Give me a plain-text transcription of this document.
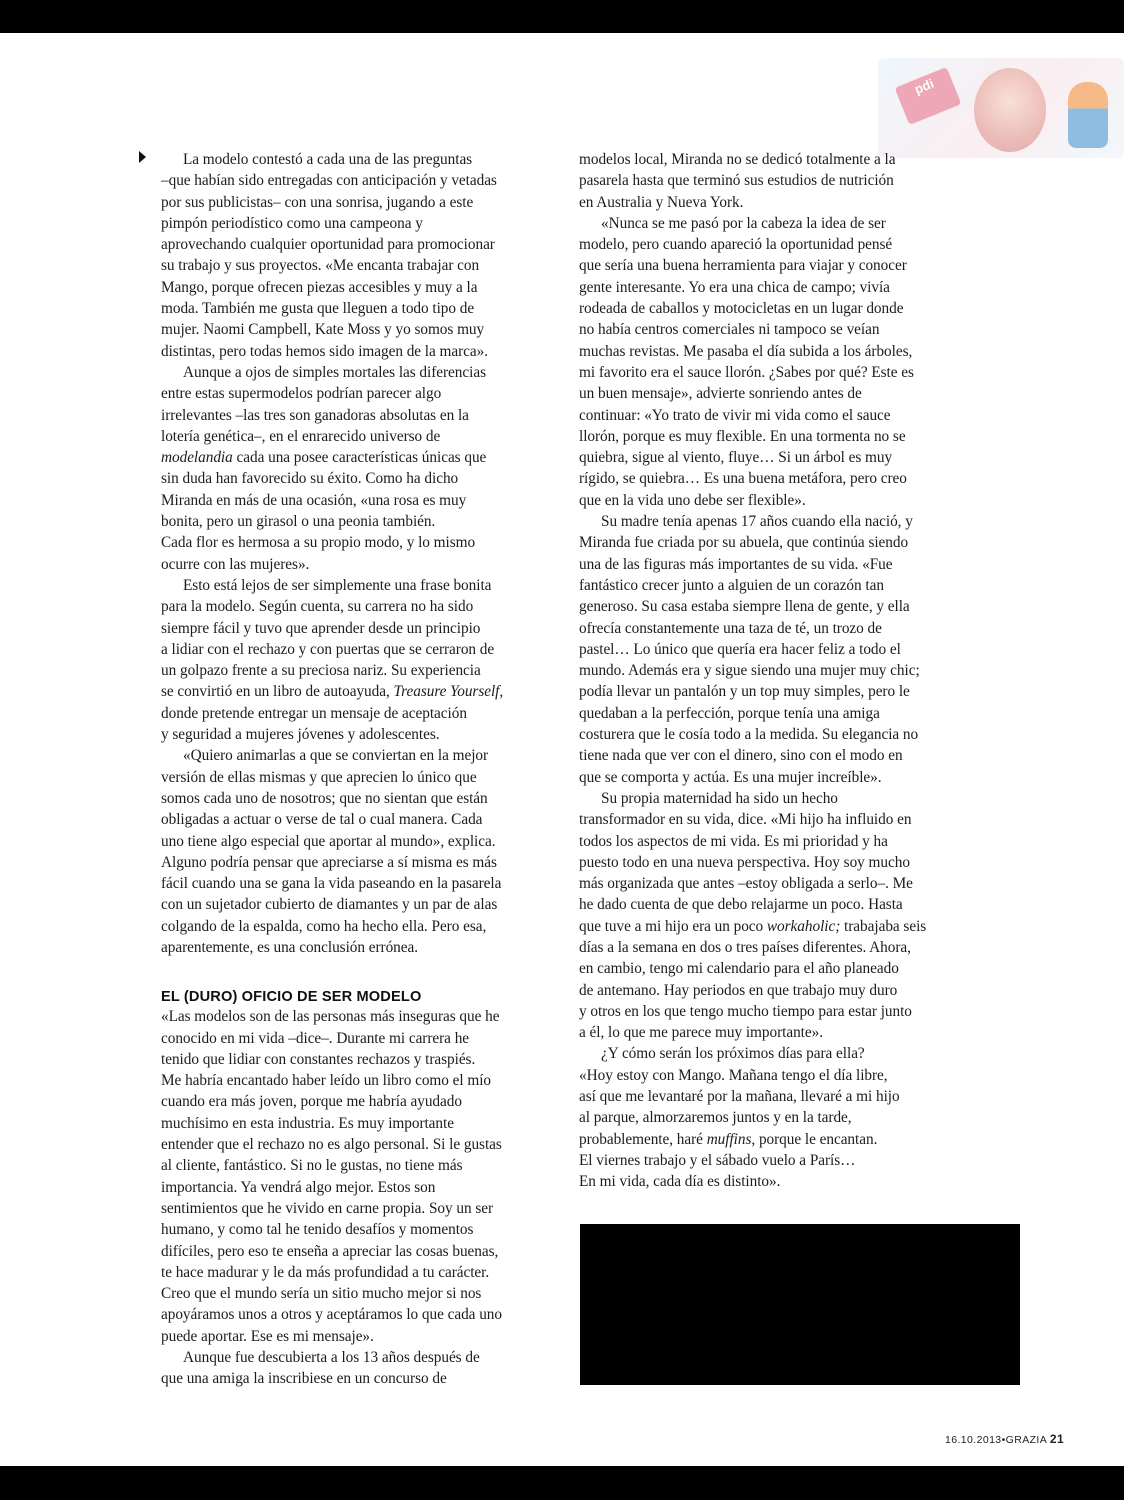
pdi

La modelo contestó a cada una de las preguntas
–que habían sido entregadas con anticipación y vetadas
por sus publicistas– con una sonrisa, jugando a este
pimpón periodístico como una campeona y
aprovechando cualquier oportunidad para promocionar
su trabajo y sus proyectos. «Me encanta trabajar con
Mango, porque ofrecen piezas accesibles y muy a la
moda. También me gusta que lleguen a todo tipo de
mujer. Naomi Campbell, Kate Moss y yo somos muy
distintas, pero todas hemos sido imagen de la marca».

Aunque a ojos de simples mortales las diferencias
entre estas supermodelos podrían parecer algo
irrelevantes –las tres son ganadoras absolutas en la
lotería genética–, en el enrarecido universo de
modelandia cada una posee características únicas que
sin duda han favorecido su éxito. Como ha dicho
Miranda en más de una ocasión, «una rosa es muy
bonita, pero un girasol o una peonia también.
Cada flor es hermosa a su propio modo, y lo mismo
ocurre con las mujeres».

Esto está lejos de ser simplemente una frase bonita
para la modelo. Según cuenta, su carrera no ha sido
siempre fácil y tuvo que aprender desde un principio
a lidiar con el rechazo y con puertas que se cerraron de
un golpazo frente a su preciosa nariz. Su experiencia
se convirtió en un libro de autoayuda, Treasure Yourself,
donde pretende entregar un mensaje de aceptación
y seguridad a mujeres jóvenes y adolescentes.

«Quiero animarlas a que se conviertan en la mejor
versión de ellas mismas y que aprecien lo único que
somos cada uno de nosotros; que no sientan que están
obligadas a actuar o verse de tal o cual manera. Cada
uno tiene algo especial que aportar al mundo», explica.
Alguno podría pensar que apreciarse a sí misma es más
fácil cuando una se gana la vida paseando en la pasarela
con un sujetador cubierto de diamantes y un par de alas
colgando de la espalda, como ha hecho ella. Pero esa,
aparentemente, es una conclusión errónea.

EL (DURO) OFICIO DE SER MODELO

«Las modelos son de las personas más inseguras que he
conocido en mi vida –dice–. Durante mi carrera he
tenido que lidiar con constantes rechazos y traspiés.
Me habría encantado haber leído un libro como el mío
cuando era más joven, porque me habría ayudado
muchísimo en esta industria. Es muy importante
entender que el rechazo no es algo personal. Si le gustas
al cliente, fantástico. Si no le gustas, no tiene más
importancia. Ya vendrá algo mejor. Estos son
sentimientos que he vivido en carne propia. Soy un ser
humano, y como tal he tenido desafíos y momentos
difíciles, pero eso te enseña a apreciar las cosas buenas,
te hace madurar y le da más profundidad a tu carácter.
Creo que el mundo sería un sitio mucho mejor si nos
apoyáramos unos a otros y aceptáramos lo que cada uno
puede aportar. Ese es mi mensaje».

Aunque fue descubierta a los 13 años después de
que una amiga la inscribiese en un concurso de

modelos local, Miranda no se dedicó totalmente a la
pasarela hasta que terminó sus estudios de nutrición
en Australia y Nueva York.

«Nunca se me pasó por la cabeza la idea de ser
modelo, pero cuando apareció la oportunidad pensé
que sería una buena herramienta para viajar y conocer
gente interesante. Yo era una chica de campo; vivía
rodeada de caballos y motocicletas en un lugar donde
no había centros comerciales ni tampoco se veían
muchas revistas. Me pasaba el día subida a los árboles,
mi favorito era el sauce llorón. ¿Sabes por qué? Este es
un buen mensaje», advierte sonriendo antes de
continuar: «Yo trato de vivir mi vida como el sauce
llorón, porque es muy flexible. En una tormenta no se
quiebra, sigue al viento, fluye… Si un árbol es muy
rígido, se quiebra… Es una buena metáfora, pero creo
que en la vida uno debe ser flexible».

Su madre tenía apenas 17 años cuando ella nació, y
Miranda fue criada por su abuela, que continúa siendo
una de las figuras más importantes de su vida. «Fue
fantástico crecer junto a alguien de un corazón tan
generoso. Su casa estaba siempre llena de gente, y ella
ofrecía constantemente una taza de té, un trozo de
pastel… Lo único que quería era hacer feliz a todo el
mundo. Además era y sigue siendo una mujer muy chic;
podía llevar un pantalón y un top muy simples, pero le
quedaban a la perfección, porque tenía una amiga
costurera que le cosía todo a la medida. Su elegancia no
tiene nada que ver con el dinero, sino con el modo en
que se comporta y actúa. Es una mujer increíble».

Su propia maternidad ha sido un hecho
transformador en su vida, dice. «Mi hijo ha influido en
todos los aspectos de mi vida. Es mi prioridad y ha
puesto todo en una nueva perspectiva. Hoy soy mucho
más organizada que antes –estoy obligada a serlo–. Me
he dado cuenta de que debo relajarme un poco. Hasta
que tuve a mi hijo era un poco workaholic; trabajaba seis
días a la semana en dos o tres países diferentes. Ahora,
en cambio, tengo mi calendario para el año planeado
de antemano. Hay periodos en que trabajo muy duro
y otros en los que tengo mucho tiempo para estar junto
a él, lo que me parece muy importante».

¿Y cómo serán los próximos días para ella?
«Hoy estoy con Mango. Mañana tengo el día libre,
así que me levantaré por la mañana, llevaré a mi hijo
al parque, almorzaremos juntos y en la tarde,
probablemente, haré muffins, porque le encantan.
El viernes trabajo y el sábado vuelo a París…
En mi vida, cada día es distinto».

16.10.2013•GRAZIA 21
